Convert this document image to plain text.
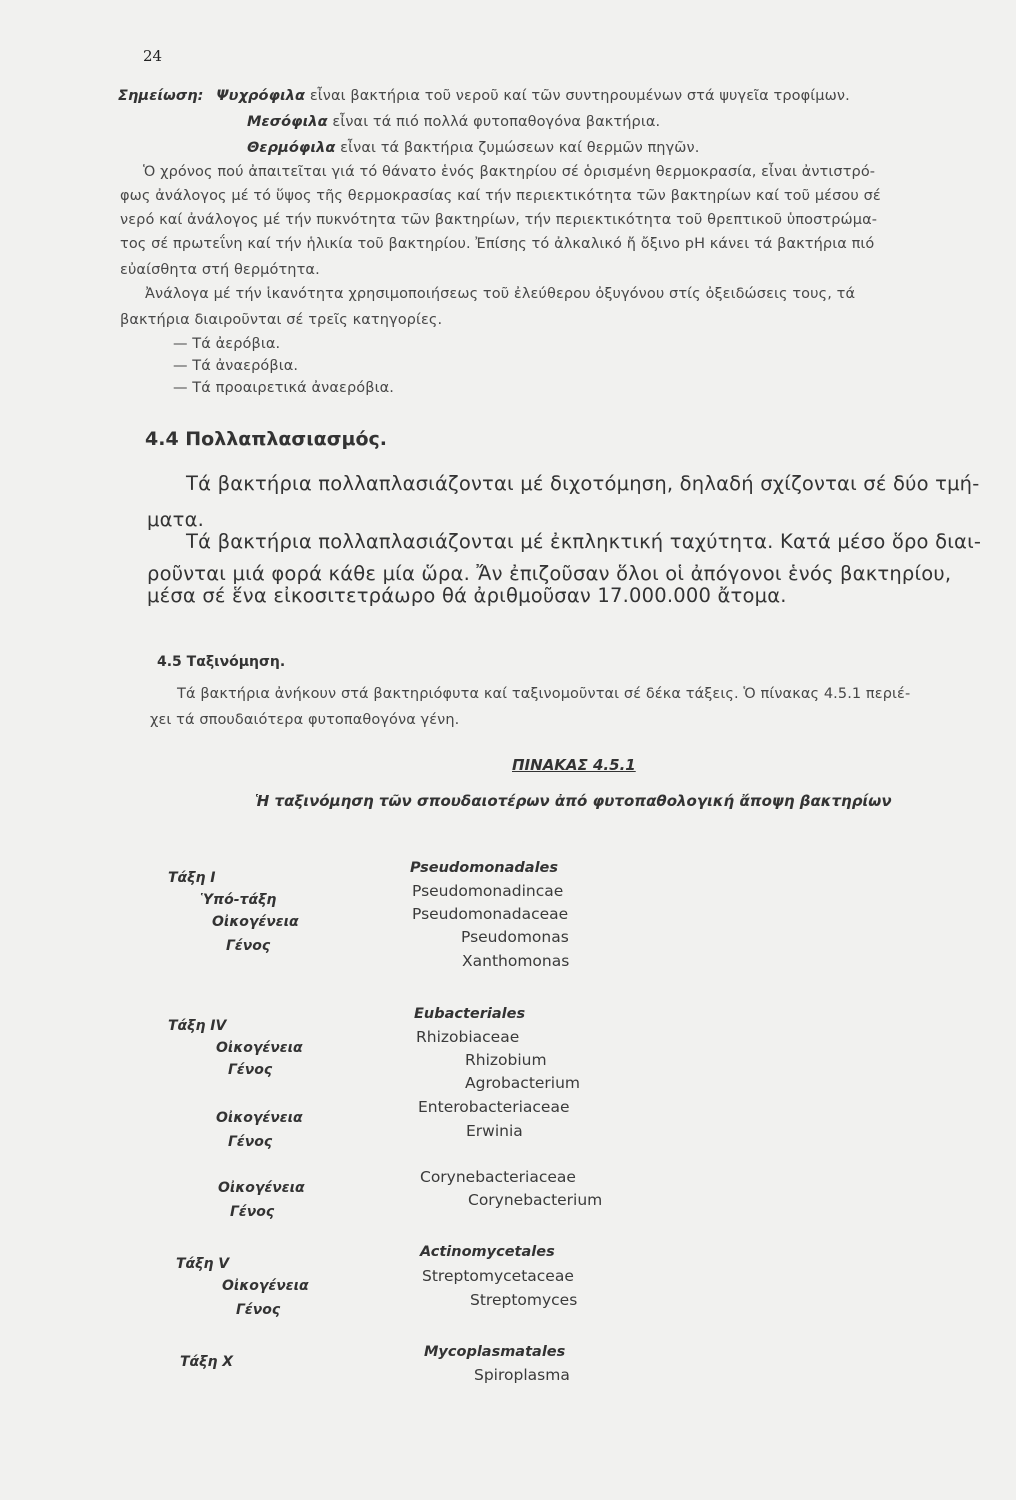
24
Σημείωση: Ψυχρόφιλα εἶναι βακτήρια τοῦ νεροῦ καί τῶν συντηρουμένων στά ψυγεῖα τροφίμων.
Μεσόφιλα εἶναι τά πιό πολλά φυτοπαθογόνα βακτήρια.
Θερμόφιλα εἶναι τά βακτήρια ζυμώσεων καί θερμῶν πηγῶν.
Ὁ χρόνος πού ἀπαιτεῖται γιά τό θάνατο ἑνός βακτηρίου σέ ὁρισμένη θερμοκρασία, εἶναι ἀντιστρό-
φως ἀνάλογος μέ τό ὕψος τῆς θερμοκρασίας καί τήν περιεκτικότητα τῶν βακτηρίων καί τοῦ μέσου σέ
νερό καί ἀνάλογος μέ τήν πυκνότητα τῶν βακτηρίων, τήν περιεκτικότητα τοῦ θρεπτικοῦ ὑποστρώμα-
τος σέ πρωτεΐνη καί τήν ἡλικία τοῦ βακτηρίου. Ἐπίσης τό ἀλκαλικό ἤ ὄξινο pH κάνει τά βακτήρια πιό
εὐαίσθητα στή θερμότητα.
Ἀνάλογα μέ τήν ἱκανότητα χρησιμοποιήσεως τοῦ ἐλεύθερου ὀξυγόνου στίς ὀξειδώσεις τους, τά
βακτήρια διαιροῦνται σέ τρεῖς κατηγορίες.
— Τά ἀερόβια.
— Τά ἀναερόβια.
— Τά προαιρετικά ἀναερόβια.
4.4 Πολλαπλασιασμός.
Τά βακτήρια πολλαπλασιάζονται μέ διχοτόμηση, δηλαδή σχίζονται σέ δύο τμή-
ματα.
Τά βακτήρια πολλαπλασιάζονται μέ ἐκπληκτική ταχύτητα. Κατά μέσο ὅρο διαι-
ροῦνται μιά φορά κάθε μία ὥρα. Ἄν ἐπιζοῦσαν ὅλοι οἱ ἀπόγονοι ἑνός βακτηρίου,
μέσα σέ ἕνα εἰκοσιτετράωρο θά ἀριθμοῦσαν 17.000.000 ἄτομα.
4.5 Ταξινόμηση.
Τά βακτήρια ἀνήκουν στά βακτηριόφυτα καί ταξινομοῦνται σέ δέκα τάξεις. Ὁ πίνακας 4.5.1 περιέ-
χει τά σπουδαιότερα φυτοπαθογόνα γένη.
ΠΙΝΑΚΑΣ 4.5.1
Ἡ ταξινόμηση τῶν σπουδαιοτέρων ἀπό φυτοπαθολογική ἄποψη βακτηρίων
Τάξη I
Ὑπό-τάξη
Οἰκογένεια
Γένος
Τάξη IV
Οἰκογένεια
Γένος
Οἰκογένεια
Γένος
Οἰκογένεια
Γένος
Τάξη V
Οἰκογένεια
Γένος
Τάξη X
Pseudomonadales
Pseudomonadincae
Pseudomonadaceae
Pseudomonas
Xanthomonas
Eubacteriales
Rhizobiaceae
Rhizobium
Agrobacterium
Enterobacteriaceae
Erwinia
Corynebacteriaceae
Corynebacterium
Actinomycetales
Streptomycetaceae
Streptomyces
Mycoplasmatales
Spiroplasma
